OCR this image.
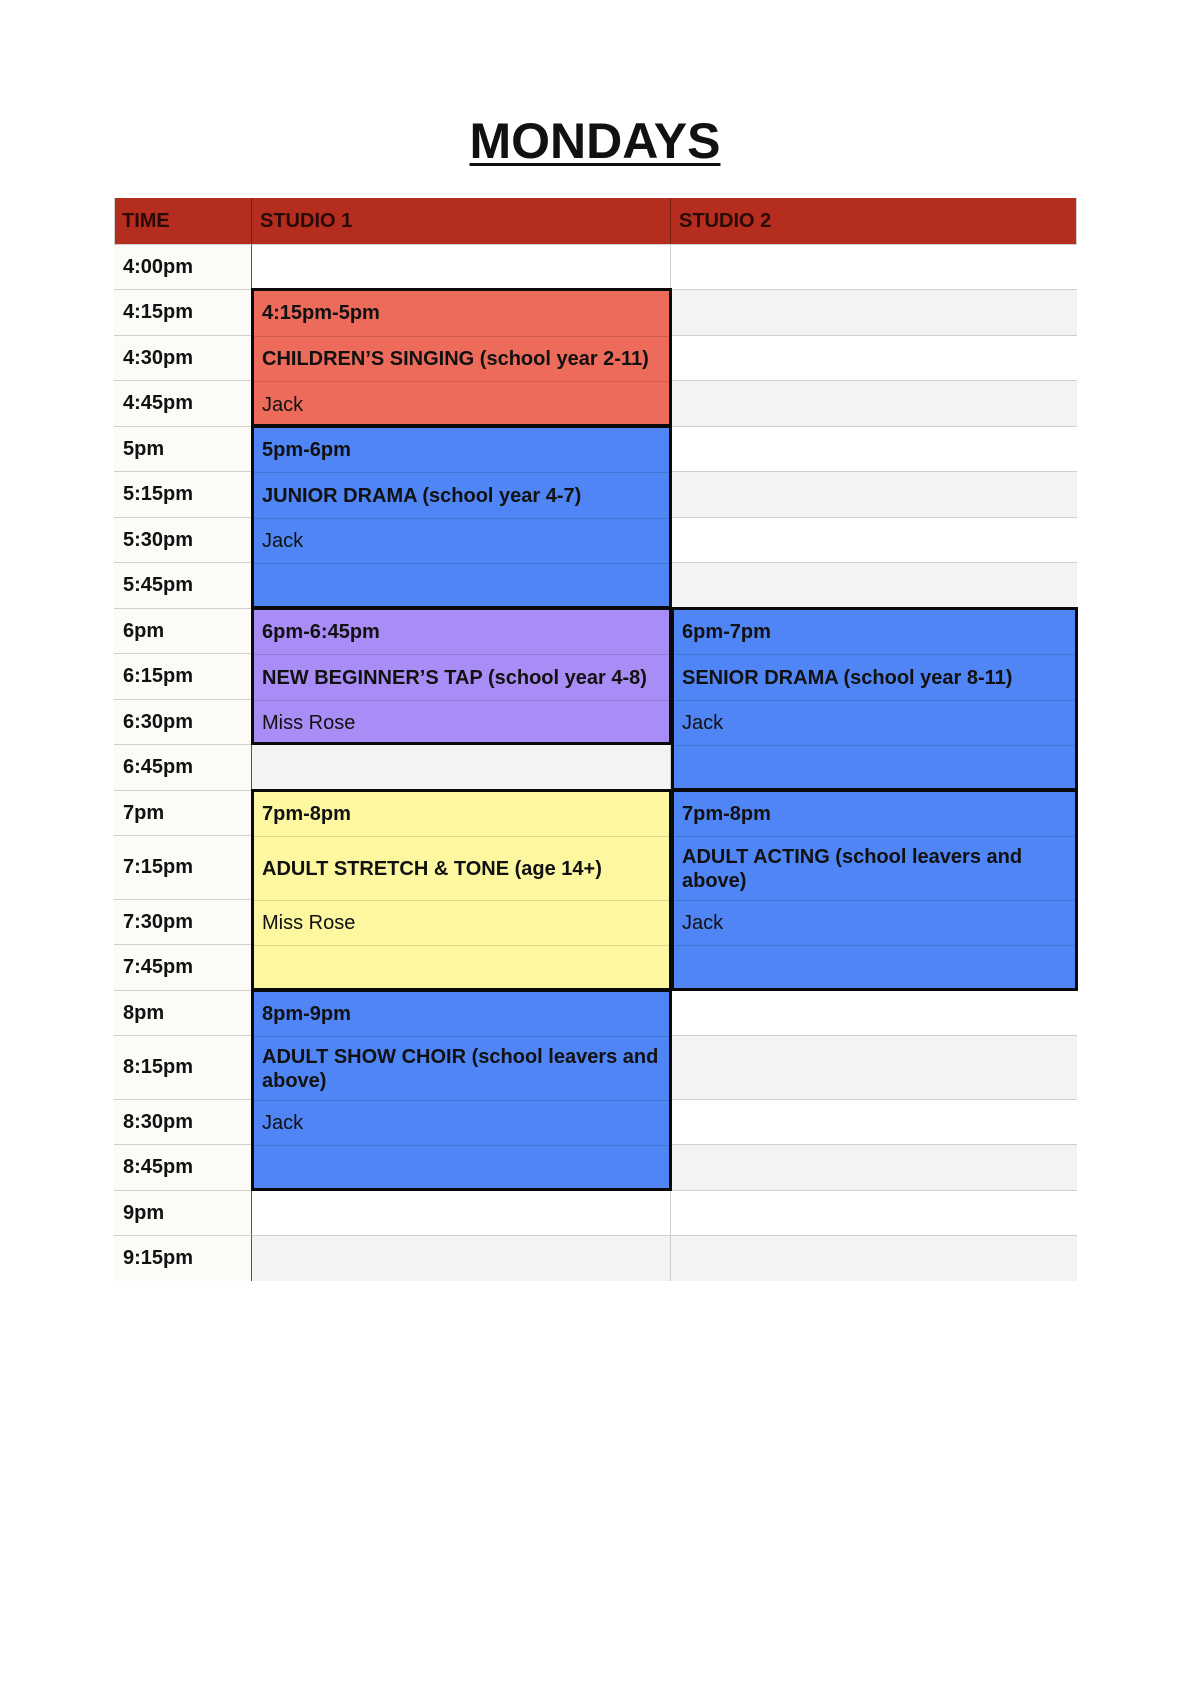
MONDAYS
TIME	STUDIO 1	STUDIO 2
4:00pm
4:15pm
4:30pm
4:45pm
5pm
5:15pm
5:30pm
5:45pm
6pm
6:15pm
6:30pm
6:45pm
7pm
7:15pm
7:30pm
7:45pm
8pm
8:15pm
8:30pm
8:45pm
9pm
9:15pm
4:15pm-5pm
CHILDREN’S SINGING (school year 2-11)
Jack
5pm-6pm
JUNIOR DRAMA (school year 4-7)
Jack
6pm-6:45pm
NEW BEGINNER’S TAP (school year 4-8)
Miss Rose
6pm-7pm
SENIOR DRAMA (school year 8-11)
Jack
7pm-8pm
ADULT STRETCH & TONE (age 14+)
Miss Rose
7pm-8pm
ADULT ACTING (school leavers and above)
Jack
8pm-9pm
ADULT SHOW CHOIR (school leavers and above)
Jack
